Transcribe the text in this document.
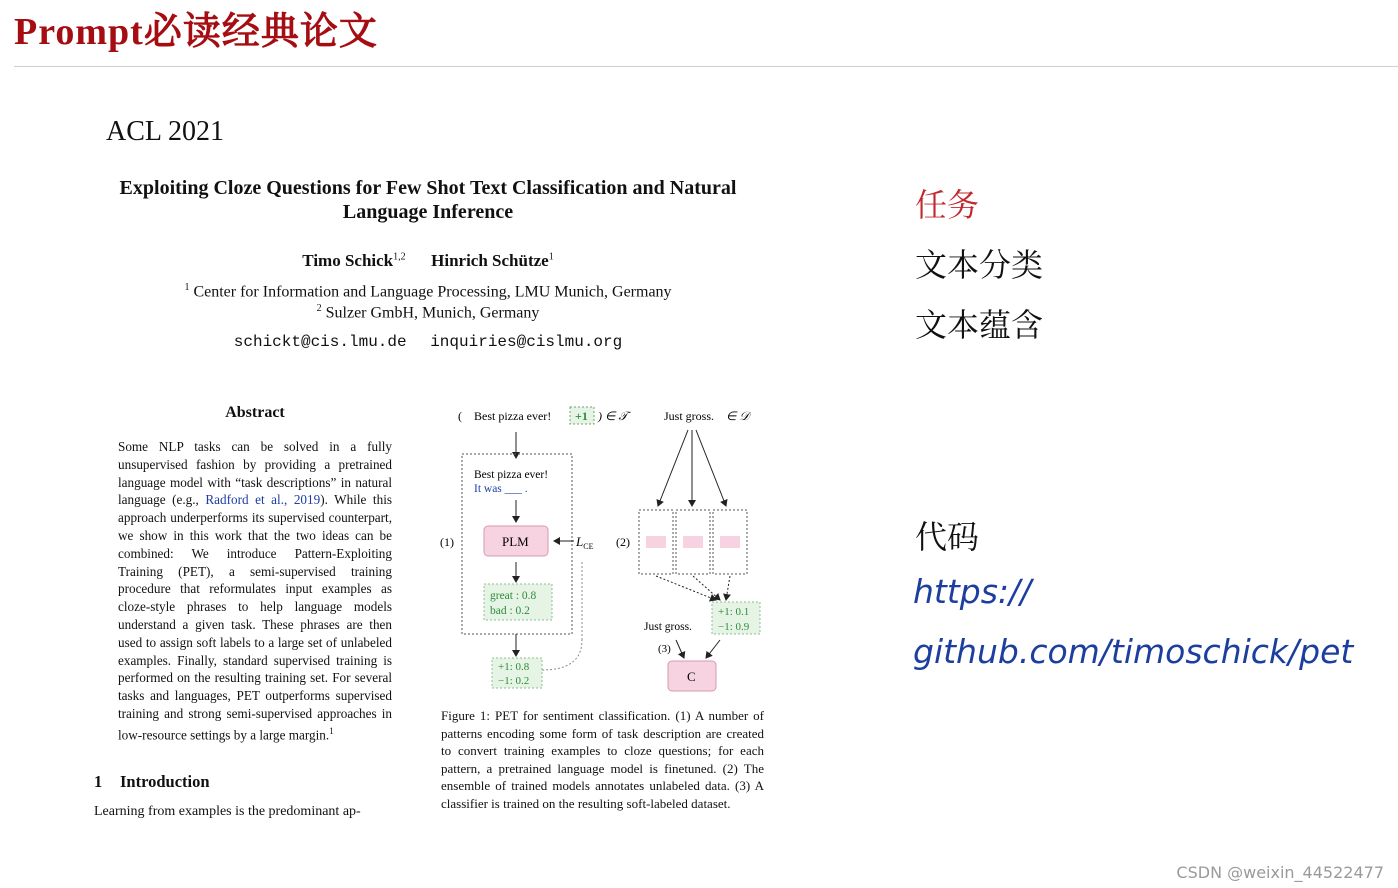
Prompt必读经典论文
ACL 2021
Exploiting Cloze Questions for Few Shot Text Classification and Natural
Language Inference
Timo Schick$^{1,2}$ Hinrich Schütze$^1$
$^1$ Center for Information and Language Processing, LMU Munich, Germany
$^2$ Sulzer GmbH, Munich, Germany
schickt@cis.lmu.de inquiries@cislmu.org
Abstract
Some NLP tasks can be solved in a fully unsupervised fashion by providing a pretrained language model with “task descriptions” in natural language (e.g., Radford et al., 2019). While this approach underperforms its supervised counterpart, we show in this work that the two ideas can be combined: We introduce Pattern-Exploiting Training (PET), a semi-supervised training procedure that reformulates input examples as cloze-style phrases to help language models understand a given task. These phrases are then used to assign soft labels to a large set of unlabeled examples. Finally, standard supervised training is performed on the resulting training set. For several tasks and languages, PET outperforms supervised training and strong semi-supervised approaches in low-resource settings by a large margin.$^1$
1 Introduction
Learning from examples is the predominant ap-
( Best pizza ever! +1 ) ∈ 𝒯	Just gross. ∈ 𝒟
Best pizza ever!
It was ___ .
PLM
(1)	$L_{CE}$
great : 0.8
bad : 0.2
+1: 0.8
−1: 0.2
(2)
Just gross.
+1: 0.1
−1: 0.9
(3)
C
Figure 1: PET for sentiment classification. (1) A number of patterns encoding some form of task description are created to convert training examples to cloze questions; for each pattern, a pretrained language model is finetuned. (2) The ensemble of trained models annotates unlabeled data. (3) A classifier is trained on the resulting soft-labeled dataset.
任务
文本分类
文本蕴含
代码
https://
github.com/timoschick/pet
CSDN @weixin_44522477
